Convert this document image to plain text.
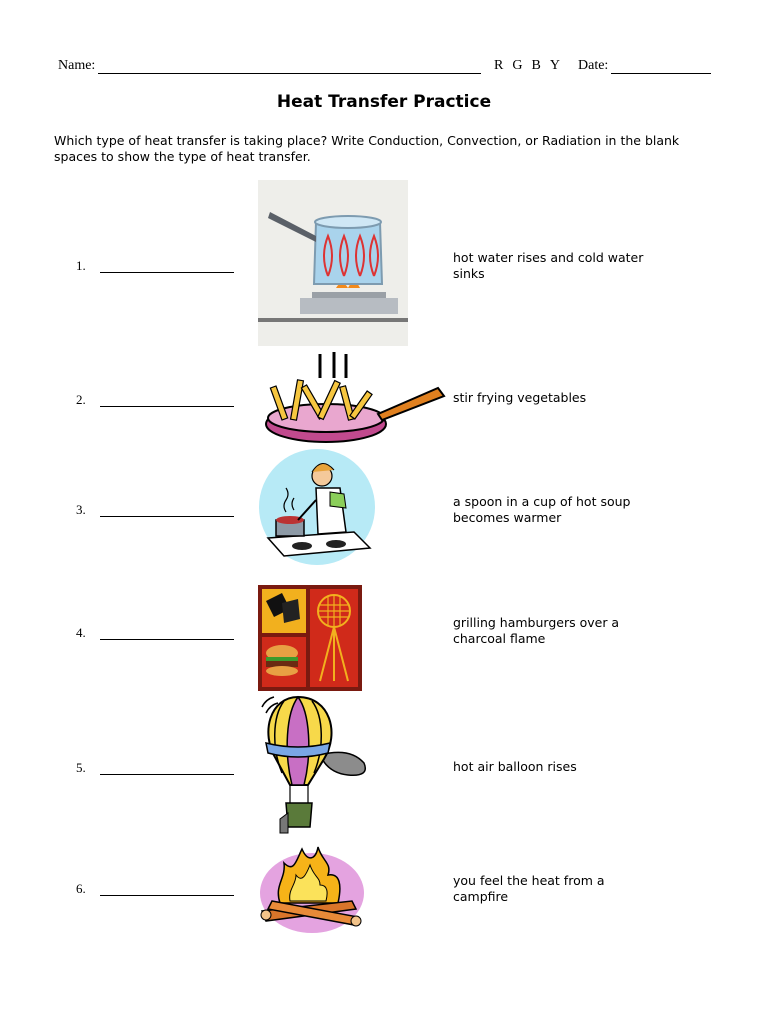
Name:	R G B Y	Date:
Heat Transfer Practice
Which type of heat transfer is taking place? Write Conduction, Convection, or Radiation in the blank spaces to show the type of heat transfer.
1.
hot water rises and cold water sinks
2.	stir frying vegetables
3.
a spoon in a cup of hot soup becomes warmer
4.
grilling hamburgers over a charcoal flame
5.	hot air balloon rises
6.
you feel the heat from a campfire
